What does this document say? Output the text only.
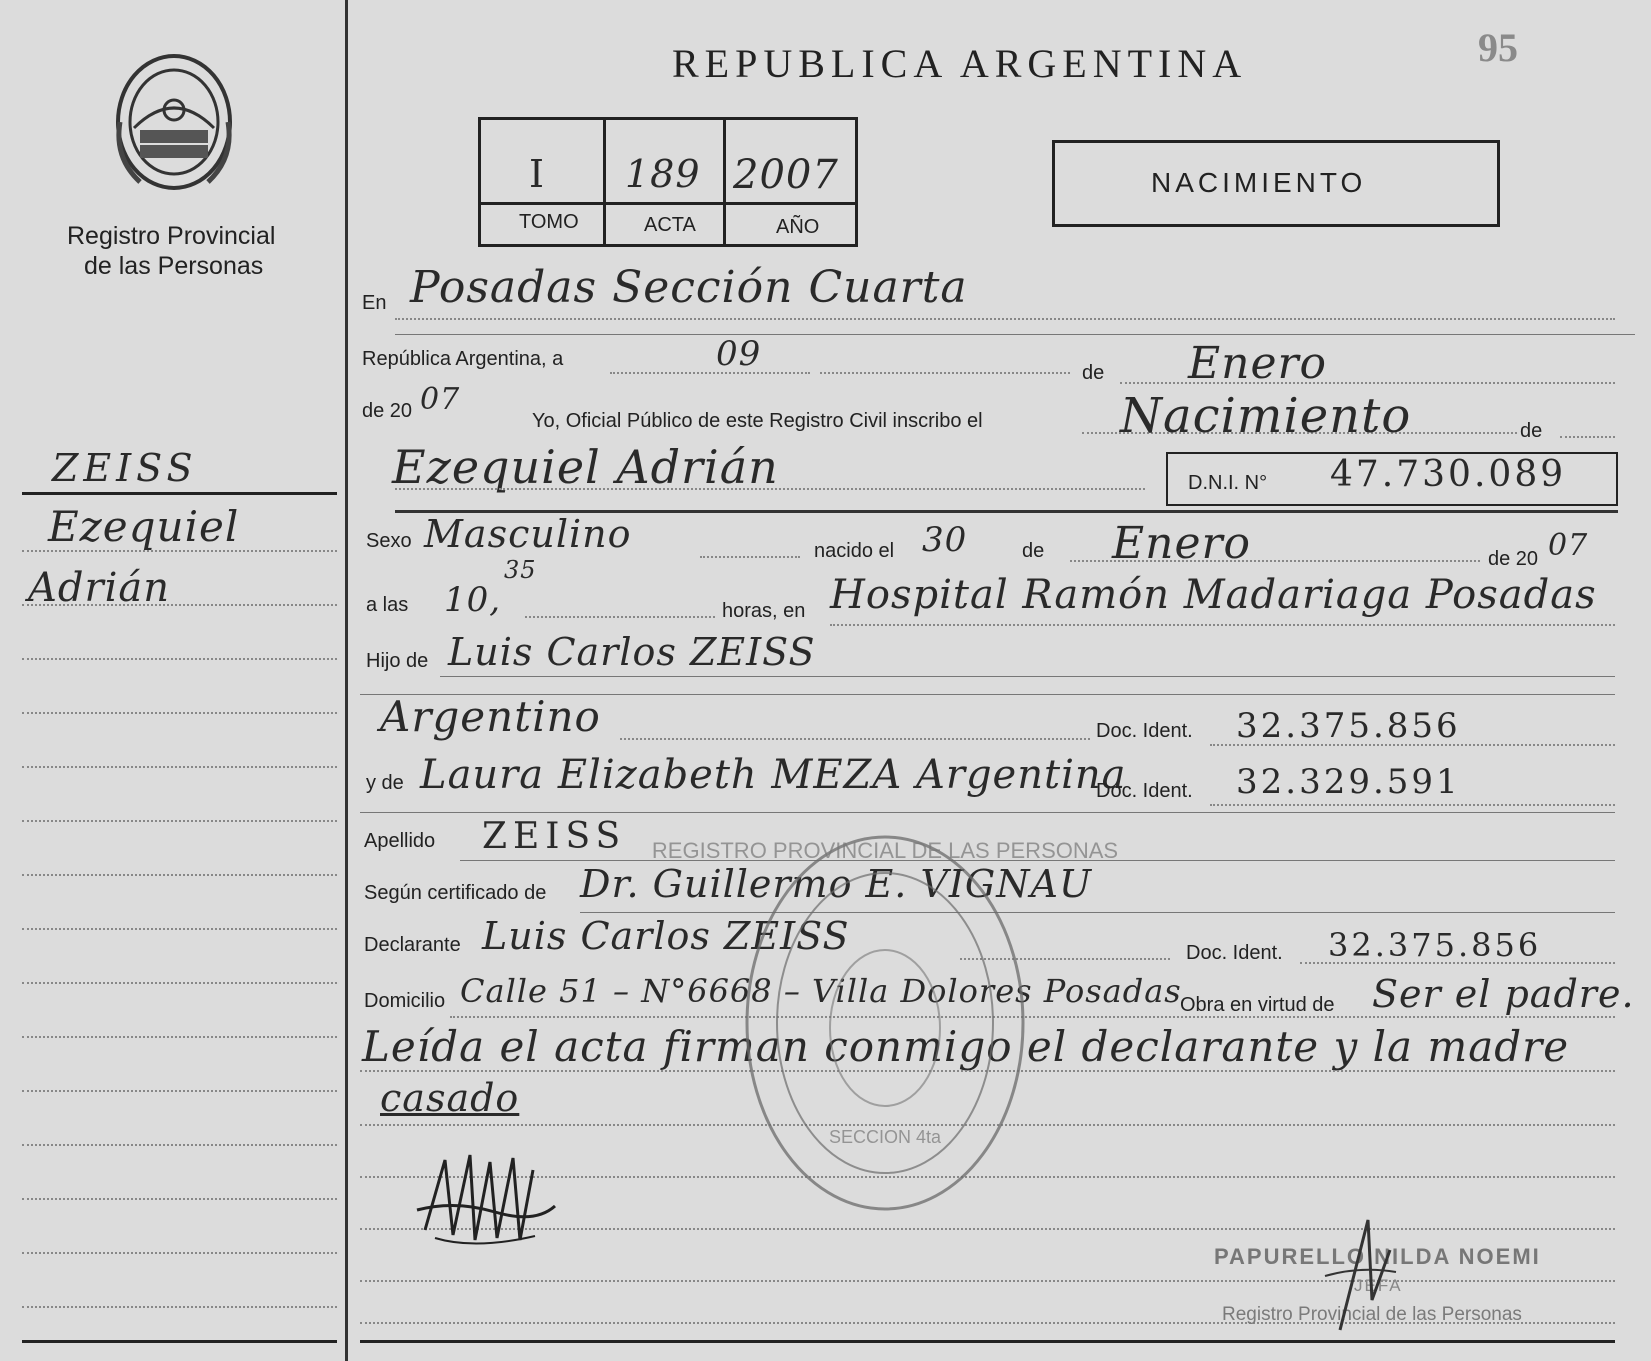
Registro Provincial
de las Personas
ZEISS
Ezequiel
Adrián
REPUBLICA ARGENTINA	95
I 189 2007
TOMO	ACTA	AÑO
NACIMIENTO
En Posadas Sección Cuarta
República Argentina, a	09	de Enero
de 20 07
Yo, Oficial Público de este Registro Civil inscribo el	Nacimiento	de
Ezequiel Adrián	D.N.I. N° 47.730.089
Sexo Masculino	nacido el 30	de Enero	de 20 07
a las 10,
35
horas, en Hospital Ramón Madariaga Posadas
Hijo de Luis Carlos ZEISS
Argentino	Doc. Ident. 32.375.856
y de Laura Elizabeth MEZA Argentina
Doc. Ident. 32.329.591
Apellido ZEISS
Según certificado de Dr. Guillermo E. VIGNAU
Declarante Luis Carlos ZEISS	Doc. Ident. 32.375.856
Domicilio Calle 51 – N°6668 – Villa Dolores Posadas
Obra en virtud de Ser el padre.
Leída el acta firman conmigo el declarante y la madre
casado
REGISTRO PROVINCIAL DE LAS PERSONAS
SECCION 4ta
PAPURELLO NILDA NOEMI
JEFA
Registro Provincial de las Personas
